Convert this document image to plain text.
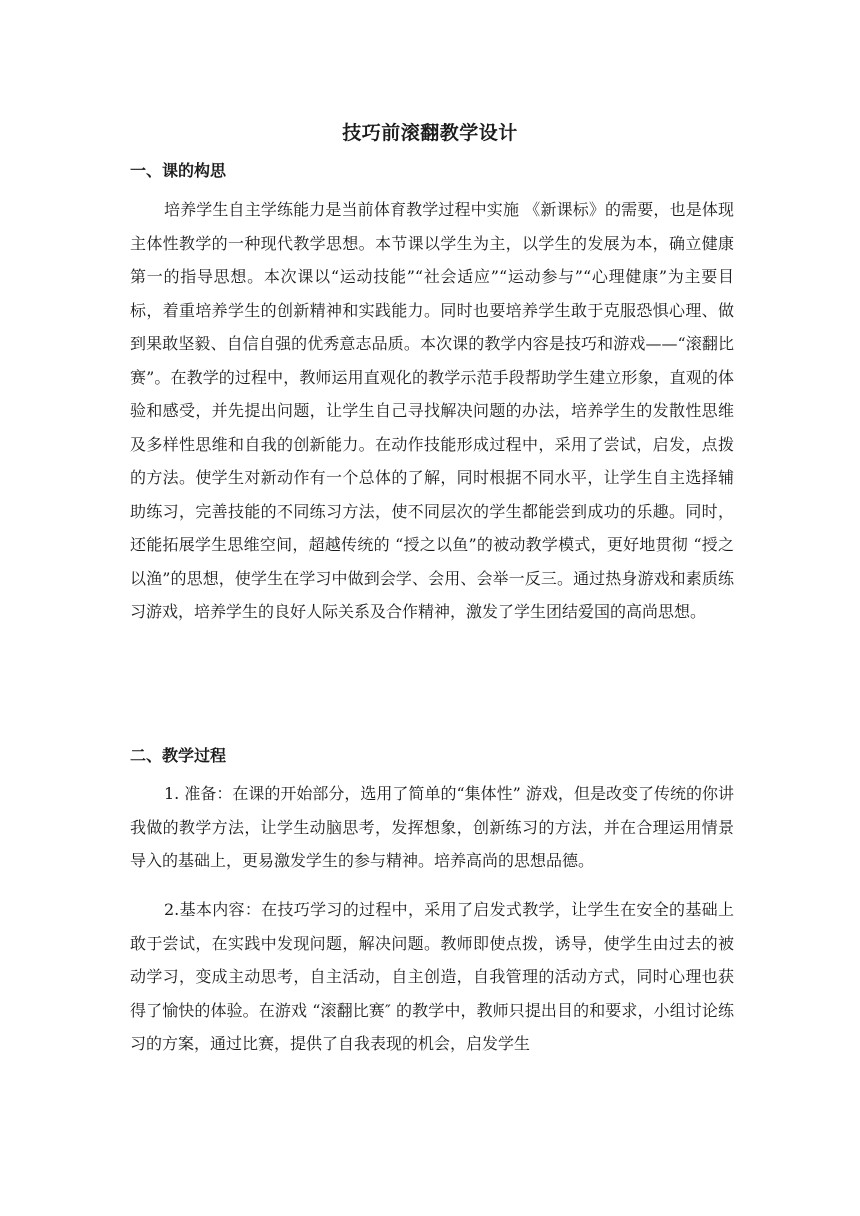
技巧前滚翻教学设计
一、课的构思

培养学生自主学练能力是当前体育教学过程中实施 《新课标》的需要，也是体现主体性教学的一种现代教学思想。本节课以学生为主，以学生的发展为本，确立健康第一的指导思想。本次课以“运动技能”“社会适应”“运动参与”“心理健康”为主要目标，着重培养学生的创新精神和实践能力。同时也要培养学生敢于克服恐惧心理、做到果敢坚毅、自信自强的优秀意志品质。本次课的教学内容是技巧和游戏——“滚翻比赛”。在教学的过程中，教师运用直观化的教学示范手段帮助学生建立形象，直观的体验和感受，并先提出问题，让学生自己寻找解决问题的办法，培养学生的发散性思维及多样性思维和自我的创新能力。在动作技能形成过程中，采用了尝试，启发，点拨的方法。使学生对新动作有一个总体的了解，同时根据不同水平，让学生自主选择辅助练习，完善技能的不同练习方法，使不同层次的学生都能尝到成功的乐趣。同时，还能拓展学生思维空间，超越传统的 “授之以鱼”的被动教学模式，更好地贯彻 “授之以渔”的思想，使学生在学习中做到会学、会用、会举一反三。通过热身游戏和素质练习游戏，培养学生的良好人际关系及合作精神，激发了学生团结爱国的高尚思想。

二、教学过程

1. 准备：在课的开始部分，选用了简单的“集体性” 游戏，但是改变了传统的你讲我做的教学方法，让学生动脑思考，发挥想象，创新练习的方法，并在合理运用情景导入的基础上，更易激发学生的参与精神。培养高尚的思想品德。

2.基本内容：在技巧学习的过程中，采用了启发式教学，让学生在安全的基础上敢于尝试，在实践中发现问题，解决问题。教师即使点拨，诱导，使学生由过去的被动学习，变成主动思考，自主活动，自主创造，自我管理的活动方式，同时心理也获得了愉快的体验。在游戏 “滚翻比赛″ 的教学中，教师只提出目的和要求，小组讨论练习的方案，通过比赛，提供了自我表现的机会，启发学生
